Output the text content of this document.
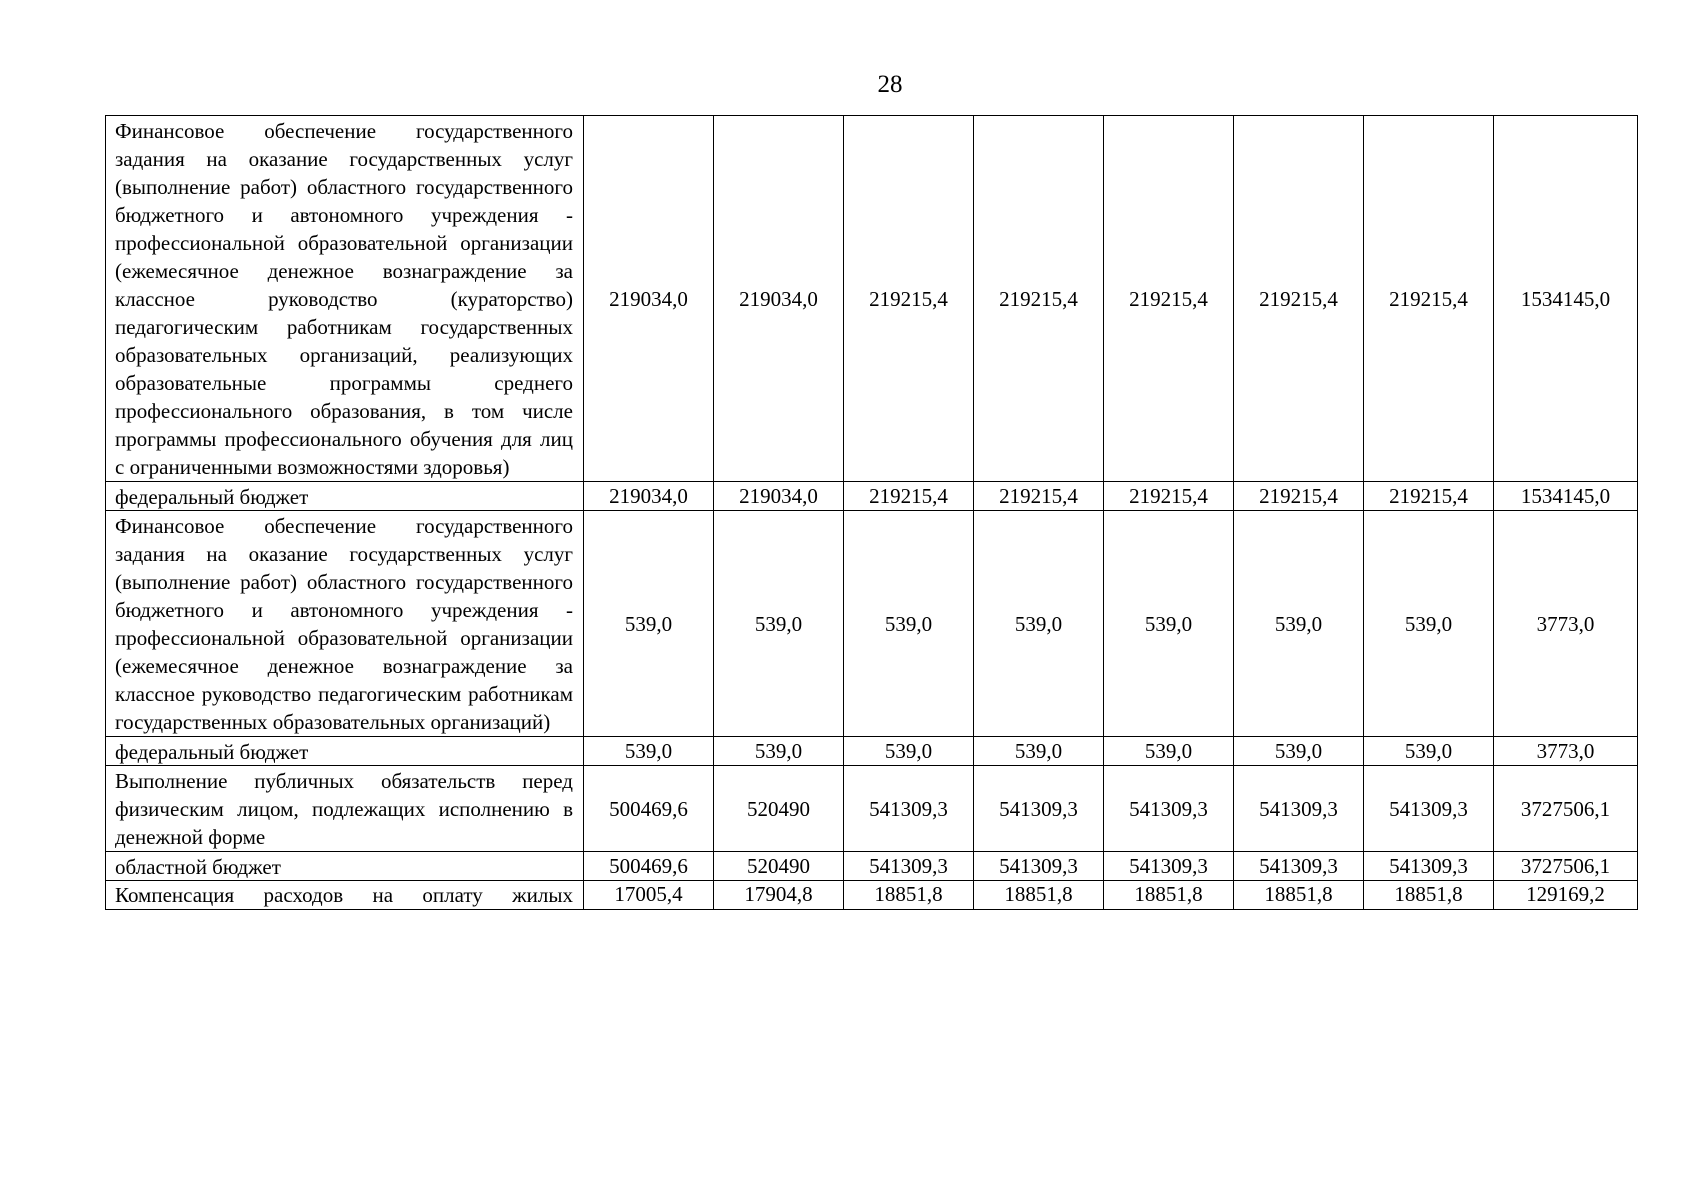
28
Финансовое обеспечение государственного задания на оказание государственных услуг (выполнение работ) областного государственного бюджетного и автономного учреждения - профессиональной образовательной организации (ежемесячное денежное вознаграждение за классное руководство (кураторство) педагогическим работникам государственных образовательных организаций, реализующих образовательные программы среднего профессионального образования, в том числе программы профессионального обучения для лиц с ограниченными возможностями здоровья)	219034,0	219034,0	219215,4	219215,4	219215,4	219215,4	219215,4	1534145,0
федеральный бюджет	219034,0	219034,0	219215,4	219215,4	219215,4	219215,4	219215,4	1534145,0
Финансовое обеспечение государственного задания на оказание государственных услуг (выполнение работ) областного государственного бюджетного и автономного учреждения - профессиональной образовательной организации (ежемесячное денежное вознаграждение за классное руководство педагогическим работникам государственных образовательных организаций)	539,0	539,0	539,0	539,0	539,0	539,0	539,0	3773,0
федеральный бюджет	539,0	539,0	539,0	539,0	539,0	539,0	539,0	3773,0
Выполнение публичных обязательств перед физическим лицом, подлежащих исполнению в денежной форме	500469,6	520490	541309,3	541309,3	541309,3	541309,3	541309,3	3727506,1
областной бюджет	500469,6	520490	541309,3	541309,3	541309,3	541309,3	541309,3	3727506,1
Компенсация расходов на оплату жилых	17005,4	17904,8	18851,8	18851,8	18851,8	18851,8	18851,8	129169,2
